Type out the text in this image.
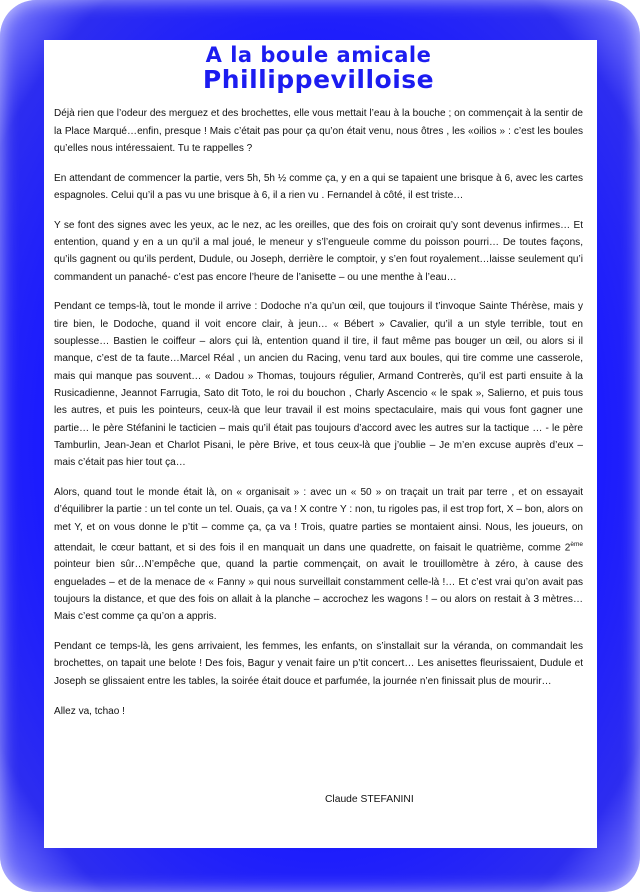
A la boule amicale
Phillippevilloise

Déjà rien que l’odeur des merguez et des brochettes, elle vous mettait l’eau à la bouche ; on commençait à la sentir de la Place Marqué…enfin, presque ! Mais c’était pas pour ça qu’on était venu, nous ôtres , les «oilios » : c’est les boules qu’elles nous intéressaient. Tu te rappelles ?

En attendant de commencer la partie, vers 5h, 5h ½ comme ça, y en a qui se tapaient une brisque à 6, avec les cartes espagnoles. Celui qu’il a pas vu une brisque à 6, il a rien vu . Fernandel à côté, il est triste…

Y se font des signes avec les yeux, ac le nez, ac les oreilles, que des fois on croirait qu’y sont devenus infirmes… Et entention, quand y en a un qu’il a mal joué, le meneur y s’l’engueule comme du poisson pourri… De toutes façons, qu’ils gagnent ou qu’ils perdent, Dudule, ou Joseph, derrière le comptoir, y s’en fout royalement…laisse seulement qu’i commandent un panaché- c’est pas encore l’heure de l’anisette – ou une menthe à l’eau…

Pendant ce temps-là, tout le monde il arrive : Dodoche n’a qu’un œil, que toujours il t’invoque Sainte Thérèse, mais y tire bien, le Dodoche, quand il voit encore clair, à jeun… « Bébert » Cavalier, qu’il a un style terrible, tout en souplesse… Bastien le coiffeur – alors çui là, entention quand il tire, il faut même pas bouger un œil, ou alors si il manque, c’est de ta faute…Marcel Réal , un ancien du Racing, venu tard aux boules, qui tire comme une casserole, mais qui manque pas souvent… « Dadou » Thomas, toujours régulier, Armand Contrerès, qu’il est parti ensuite à la Rusicadienne, Jeannot Farrugia, Sato dit Toto, le roi du bouchon , Charly Ascencio « le spak », Salierno, et puis tous les autres, et puis les pointeurs, ceux-là que leur travail il est moins spectaculaire, mais qui vous font gagner une partie… le père Stéfanini le tacticien – mais qu’il était pas toujours d’accord avec les autres sur la tactique … - le père Tamburlin, Jean-Jean et Charlot Pisani, le père Brive, et tous ceux-là que j’oublie – Je m’en excuse auprès d’eux – mais c’était pas hier tout ça…

Alors, quand tout le monde était là, on « organisait » : avec un « 50 » on traçait un trait par terre , et on essayait d’équilibrer la partie : un tel conte un tel. Ouais, ça va ! X contre Y : non, tu rigoles pas, il est trop fort, X – bon, alors on met Y, et on vous donne le p’tit – comme ça, ça va ! Trois, quatre parties se montaient ainsi. Nous, les joueurs, on attendait, le cœur battant, et si des fois il en manquait un dans une quadrette, on faisait le quatrième, comme 2ème pointeur bien sûr…N’empêche que, quand la partie commençait, on avait le trouillomètre à zéro, à cause des enguelades – et de la menace de « Fanny » qui nous surveillait constamment celle-là !… Et c’est vrai qu’on avait pas toujours la distance, et que des fois on allait à la planche – accrochez les wagons ! – ou alors on restait à 3 mètres… Mais c’est comme ça qu’on a appris.

Pendant ce temps-là, les gens arrivaient, les femmes, les enfants, on s’installait sur la véranda, on commandait les brochettes, on tapait une belote ! Des fois, Bagur y venait faire un p’tit concert… Les anisettes fleurissaient, Dudule et Joseph se glissaient entre les tables, la soirée était douce et parfumée, la journée n’en finissait plus de mourir…

Allez va, tchao !

Claude STEFANINI
